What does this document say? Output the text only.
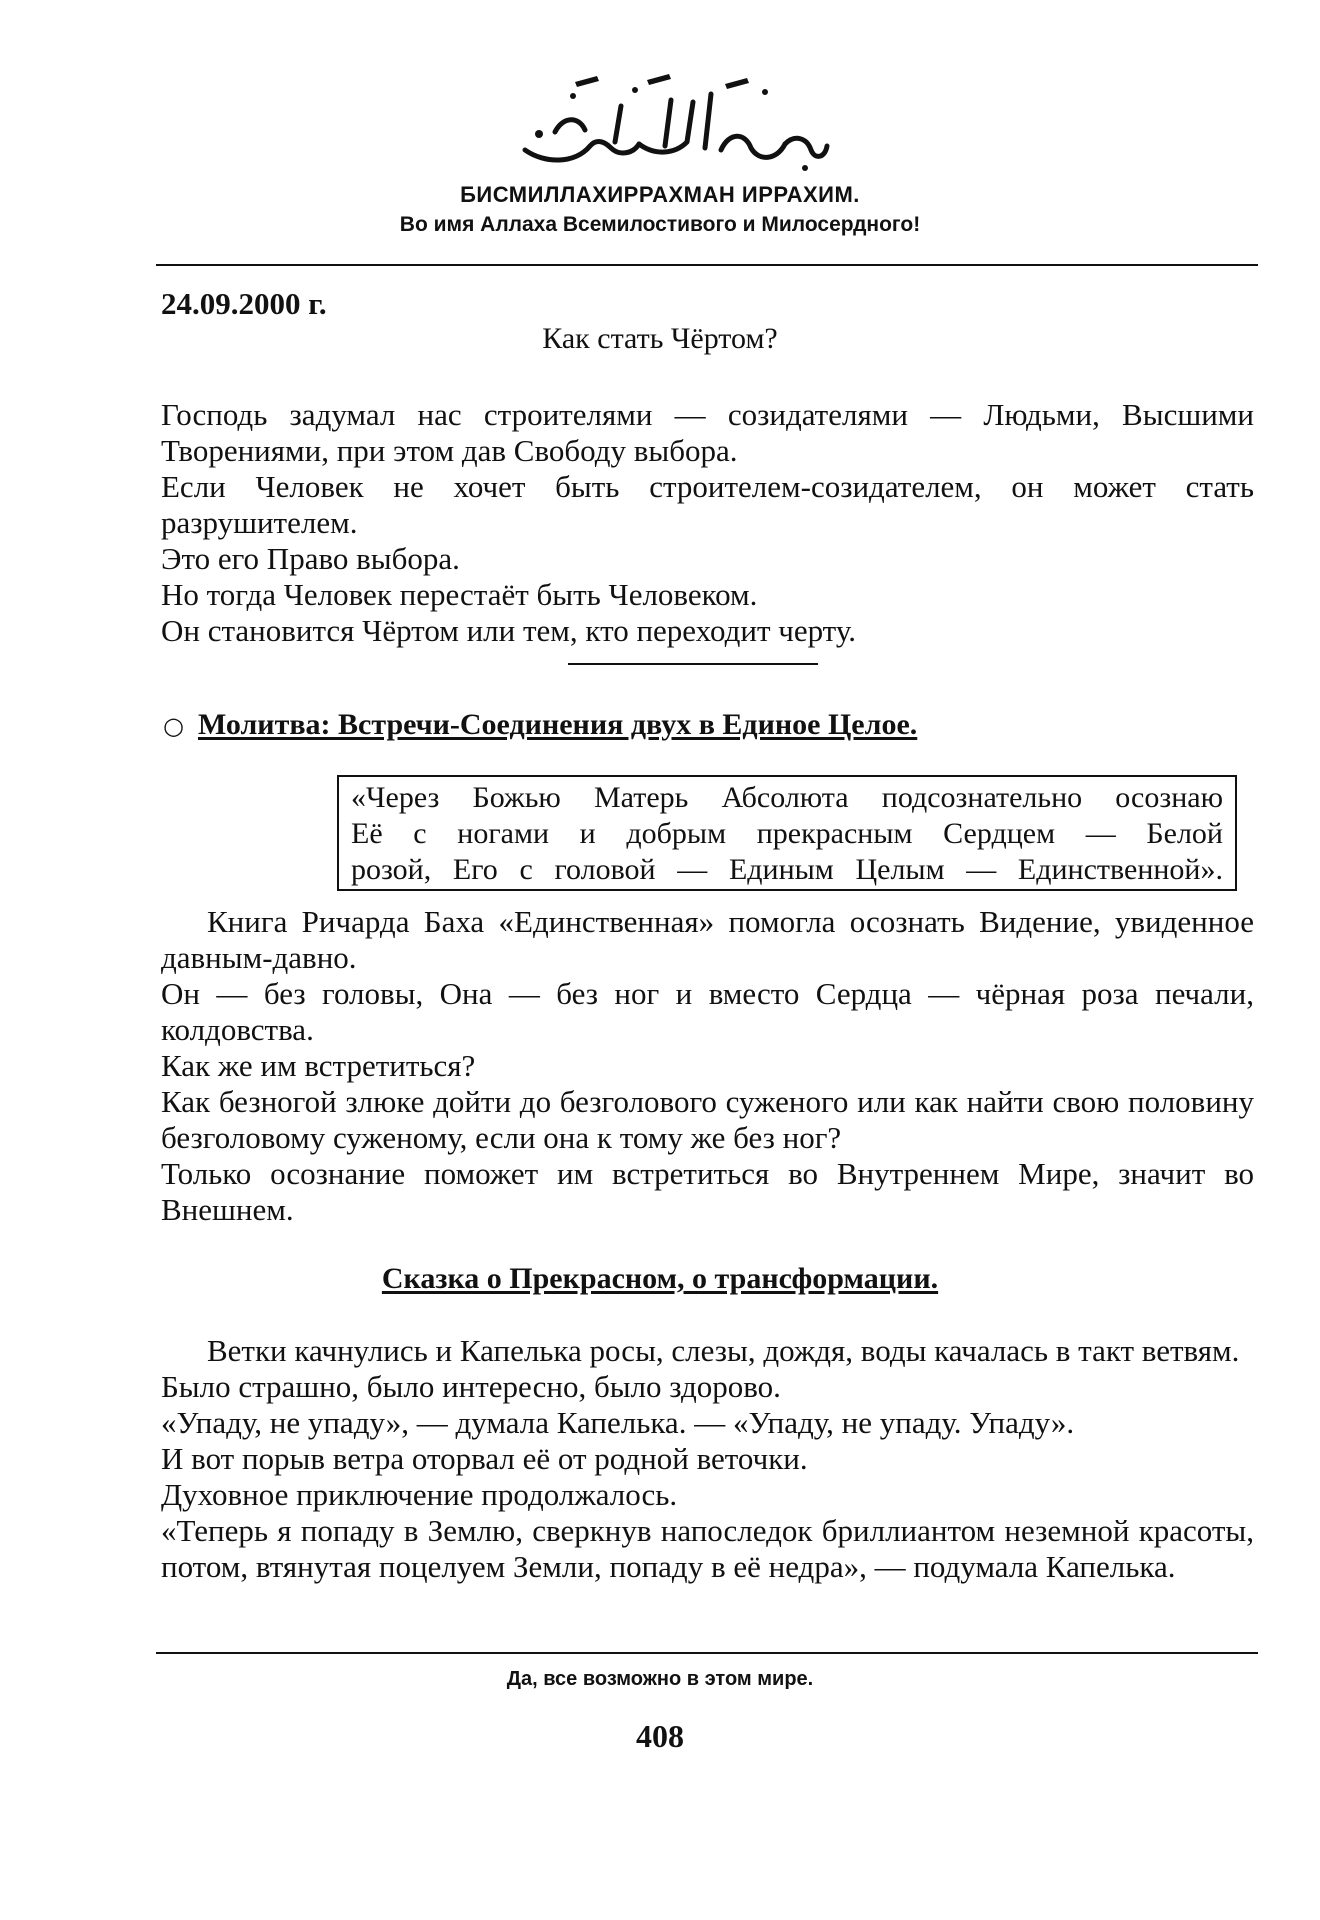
БИСМИЛЛАХИРРАХМАН ИРРАХИМ.

Во имя Аллаха Всемилостивого и Милосердного!

24.09.2000 г.

Как стать Чёртом?

Господь задумал нас строителями — созидателями — Людьми, Высшими Творениями, при этом дав Свободу выбора.

Если Человек не хочет быть строителем-созидателем, он может стать разрушителем.

Это его Право выбора.

Но тогда Человек перестаёт быть Человеком.

Он становится Чёртом или тем, кто переходит черту.

○ Молитва: Встречи-Соединения двух в Единое Целое.

«Через Божью Матерь Абсолюта подсознательно осознаю

Её с ногами и добрым прекрасным Сердцем — Белой

розой, Его с головой — Единым Целым — Единственной».

Книга Ричарда Баха «Единственная» помогла осознать Видение, увиденное давным-давно.

Он — без головы, Она — без ног и вместо Сердца — чёрная роза печали, колдовства.

Как же им встретиться?

Как безногой злюке дойти до безголового суженого или как найти свою половину безголовому суженому, если она к тому же без ног?

Только осознание поможет им встретиться во Внутреннем Мире, значит во Внешнем.

Сказка о Прекрасном, о трансформации.

Ветки качнулись и Капелька росы, слезы, дождя, воды качалась в такт ветвям.

Было страшно, было интересно, было здорово.

«Упаду, не упаду», — думала Капелька. — «Упаду, не упаду. Упаду».

И вот порыв ветра оторвал её от родной веточки.

Духовное приключение продолжалось.

«Теперь я попаду в Землю, сверкнув напоследок бриллиантом неземной красоты, потом, втянутая поцелуем Земли, попаду в её недра», — подумала Капелька.

Да, все возможно в этом мире.

408
